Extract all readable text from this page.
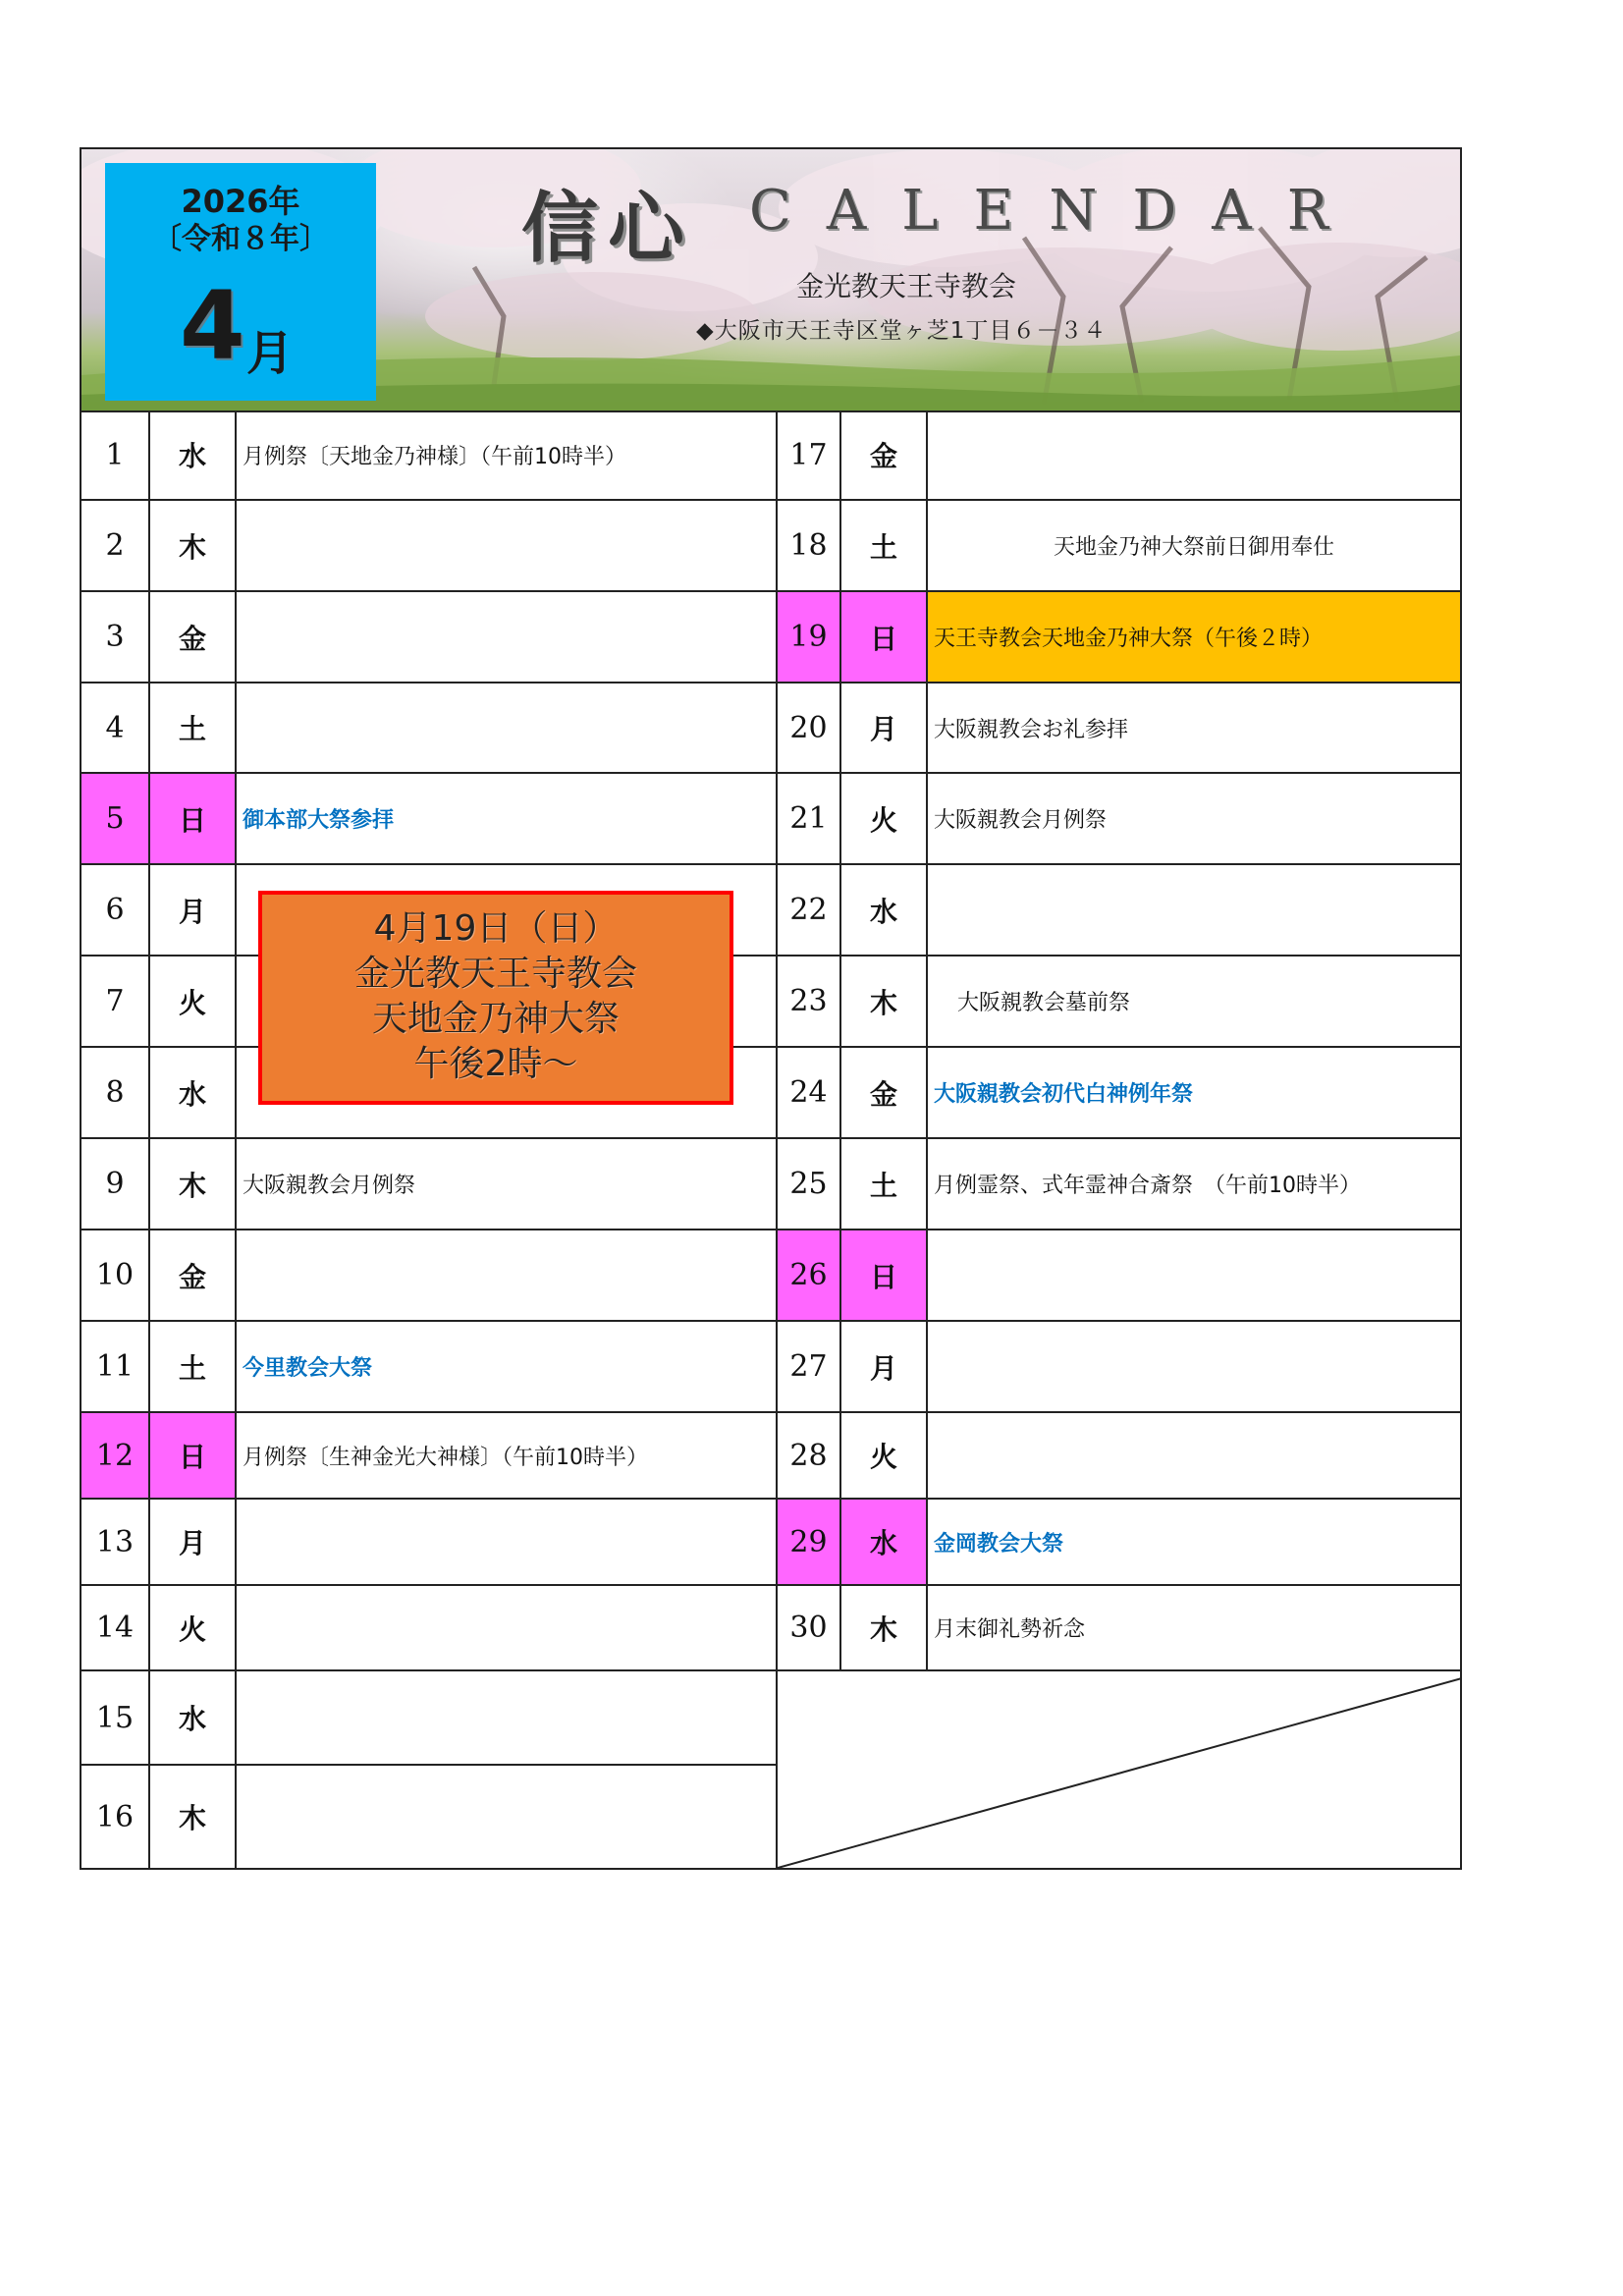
2026年
〔令和８年〕
4 月
信心 CALENDAR
金光教天王寺教会
◆大阪市天王寺区堂ヶ芝1丁目６－３４
1	水	月例祭〔天地金乃神様〕（午前10時半）
2	木
3	金
4	土
5	日	御本部大祭参拝
6	月
7	火
8	水
9	木	大阪親教会月例祭
10	金
11	土	今里教会大祭
12	日	月例祭〔生神金光大神様〕（午前10時半）
13	月
14	火
15	水
16	木
17	金
18	土	天地金乃神大祭前日御用奉仕
19	日	天王寺教会天地金乃神大祭（午後２時）
20	月	大阪親教会お礼参拝
21	火	大阪親教会月例祭
22	水
23	木	大阪親教会墓前祭
24	金	大阪親教会初代白神例年祭
25	土	月例霊祭、式年霊神合斎祭　（午前10時半）
26	日
27	月
28	火
29	水	金岡教会大祭
30	木	月末御礼勢祈念
4月19日（日）
金光教天王寺教会
天地金乃神大祭
午後2時～
